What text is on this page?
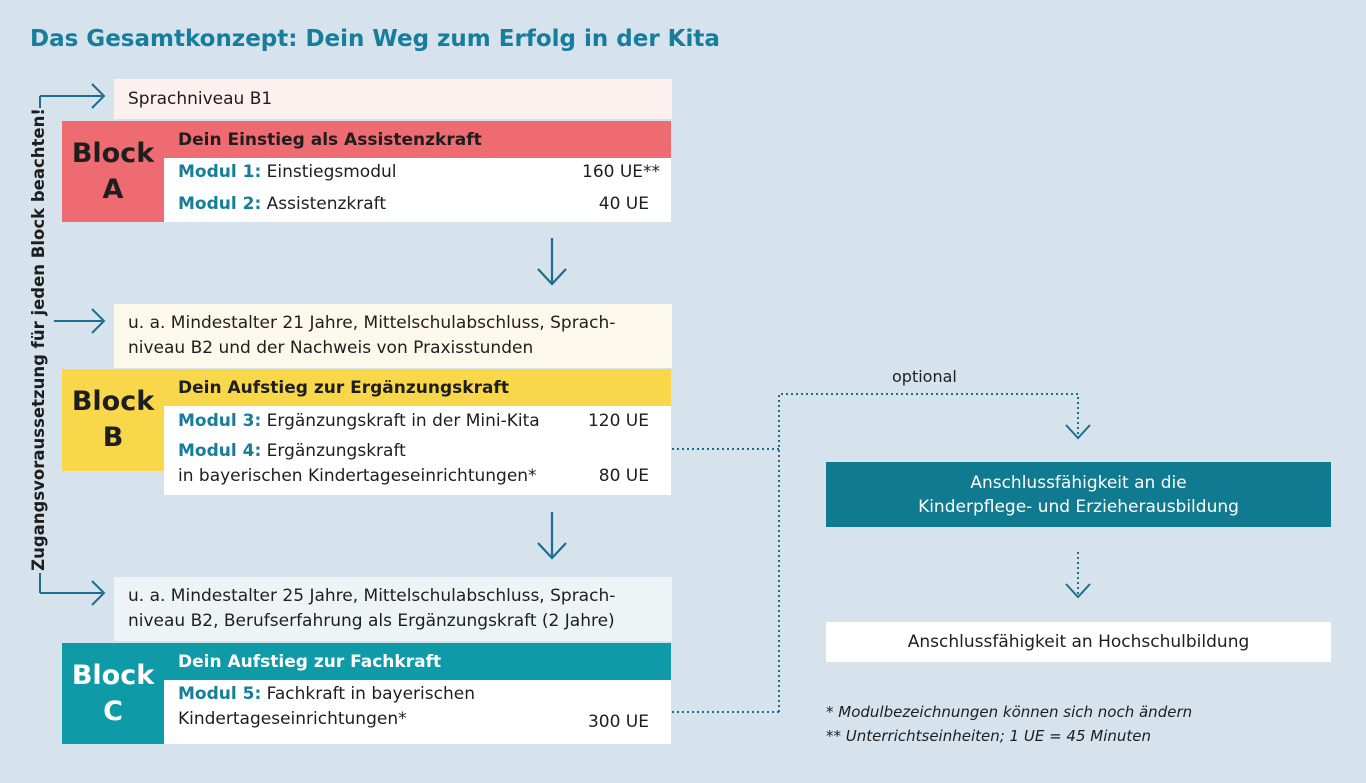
Das Gesamtkonzept: Dein Weg zum Erfolg in der Kita
Zugangsvoraussetzung für jeden Block beachten!
Sprachniveau B1
Block
A
Dein Einstieg als Assistenzkraft
Modul 1: Einstiegsmodul	160 UE**
Modul 2: Assistenzkraft	40 UE
u. a. Mindestalter 21 Jahre, Mittelschulabschluss, Sprach-
niveau B2 und der Nachweis von Praxisstunden
Block
B
Dein Aufstieg zur Ergänzungskraft
Modul 3: Ergänzungskraft in der Mini-Kita	120 UE
Modul 4: Ergänzungskraft
in bayerischen Kindertageseinrichtungen*	80 UE
u. a. Mindestalter 25 Jahre, Mittelschulabschluss, Sprach-
niveau B2, Berufserfahrung als Ergänzungskraft (2 Jahre)
Block
C
Dein Aufstieg zur Fachkraft
Modul 5: Fachkraft in bayerischen
Kindertageseinrichtungen*	300 UE
optional
Anschlussfähigkeit an die
Kinderpflege- und Erzieherausbildung
Anschlussfähigkeit an Hochschulbildung
* Modulbezeichnungen können sich noch ändern
** Unterrichtseinheiten; 1 UE = 45 Minuten
